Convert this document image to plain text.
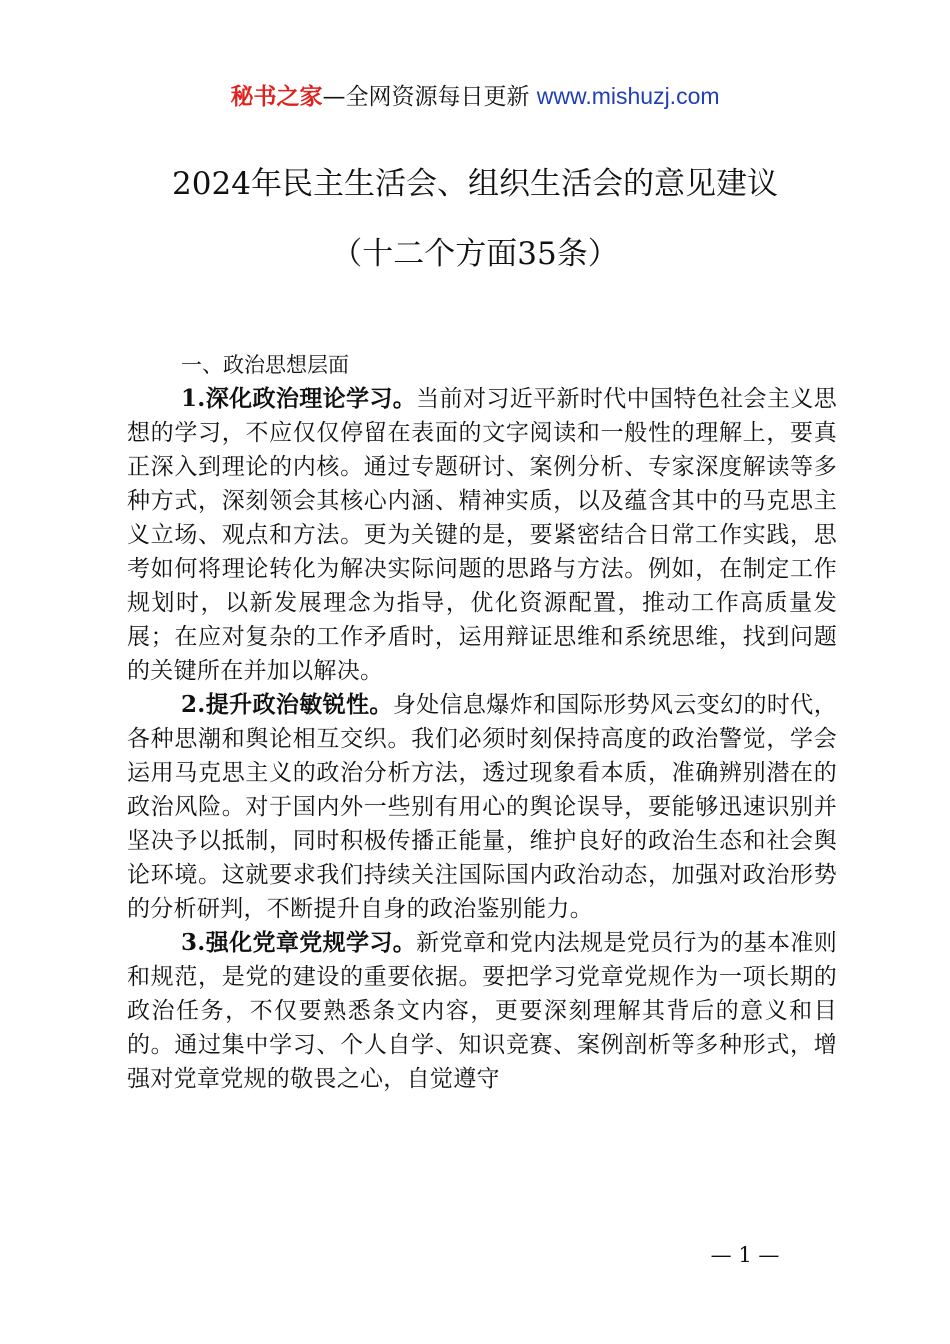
秘书之家—全网资源每日更新 www.mishuzj.com
2024年民主生活会、组织生活会的意见建议
（十二个方面35条）

一、政治思想层面

1.深化政治理论学习。当前对习近平新时代中国特色社会主义思想的学习，不应仅仅停留在表面的文字阅读和一般性的理解上，要真正深入到理论的内核。通过专题研讨、案例分析、专家深度解读等多种方式，深刻领会其核心内涵、精神实质，以及蕴含其中的马克思主义立场、观点和方法。更为关键的是，要紧密结合日常工作实践，思考如何将理论转化为解决实际问题的思路与方法。例如，在制定工作规划时，以新发展理念为指导，优化资源配置，推动工作高质量发展；在应对复杂的工作矛盾时，运用辩证思维和系统思维，找到问题的关键所在并加以解决。

2.提升政治敏锐性。身处信息爆炸和国际形势风云变幻的时代，各种思潮和舆论相互交织。我们必须时刻保持高度的政治警觉，学会运用马克思主义的政治分析方法，透过现象看本质，准确辨别潜在的政治风险。对于国内外一些别有用心的舆论误导，要能够迅速识别并坚决予以抵制，同时积极传播正能量，维护良好的政治生态和社会舆论环境。这就要求我们持续关注国际国内政治动态，加强对政治形势的分析研判，不断提升自身的政治鉴别能力。

3.强化党章党规学习。新党章和党内法规是党员行为的基本准则和规范，是党的建设的重要依据。要把学习党章党规作为一项长期的政治任务，不仅要熟悉条文内容，更要深刻理解其背后的意义和目的。通过集中学习、个人自学、知识竞赛、案例剖析等多种形式，增强对党章党规的敬畏之心，自觉遵守

— 1 —
